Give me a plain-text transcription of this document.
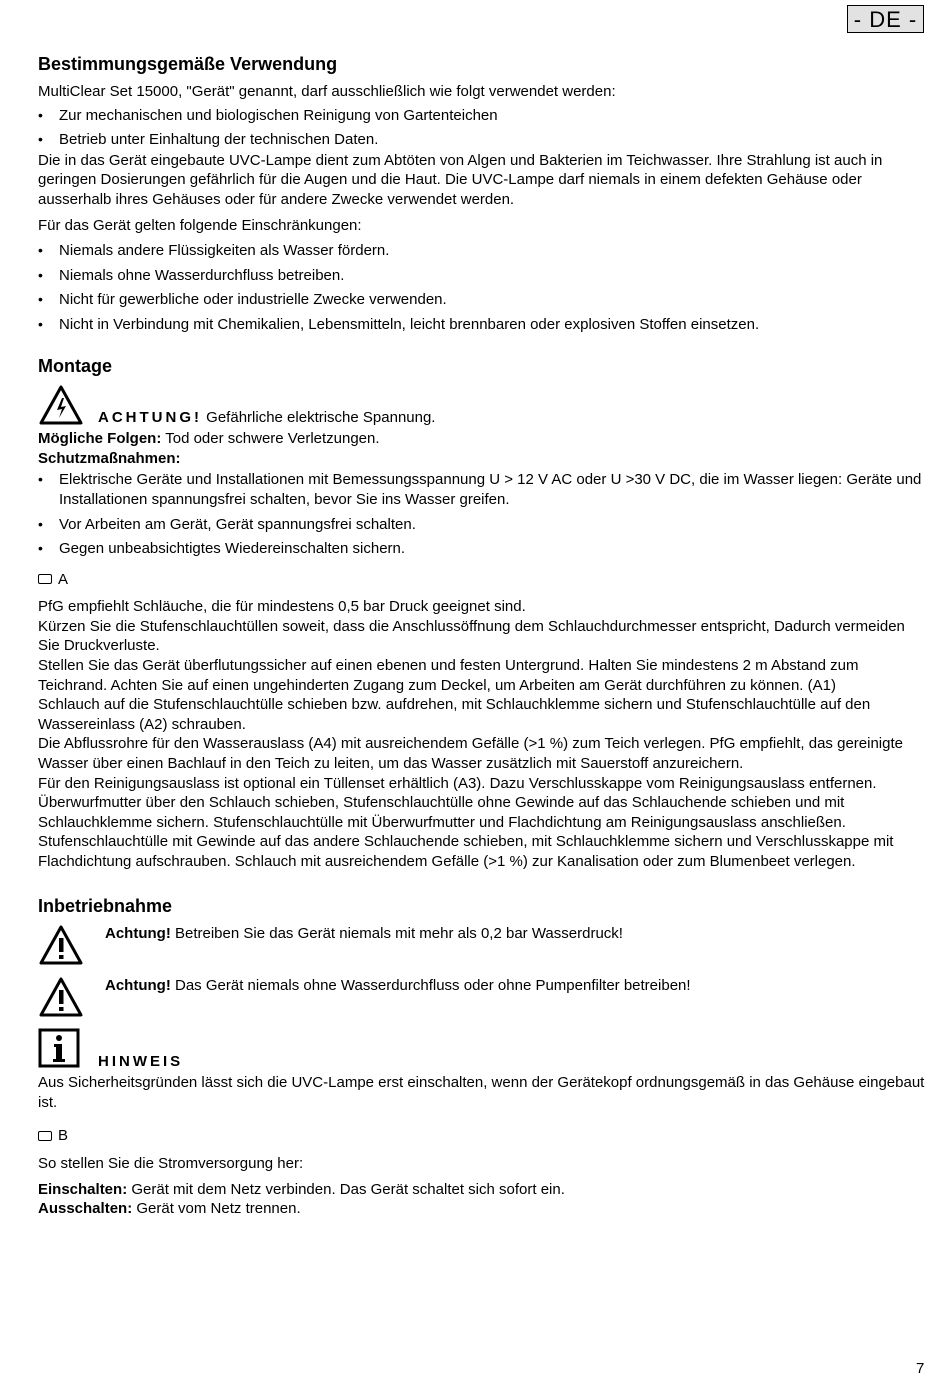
- DE -
Bestimmungsgemäße Verwendung

MultiClear Set 15000, "Gerät" genannt, darf ausschließlich wie folgt verwendet werden:

• Zur mechanischen und biologischen Reinigung von Gartenteichen
• Betrieb unter Einhaltung der technischen Daten.

Die in das Gerät eingebaute UVC-Lampe dient zum Abtöten von Algen und Bakterien im Teichwasser. Ihre Strahlung ist auch in geringen Dosierungen gefährlich für die Augen und die Haut. Die UVC-Lampe darf niemals in einem defekten Gehäuse oder ausserhalb ihres Gehäuses oder für andere Zwecke verwendet werden.

Für das Gerät gelten folgende Einschränkungen:

• Niemals andere Flüssigkeiten als Wasser fördern.
• Niemals ohne Wasserdurchfluss betreiben.
• Nicht für gewerbliche oder industrielle Zwecke verwenden.
• Nicht in Verbindung mit Chemikalien, Lebensmitteln, leicht brennbaren oder explosiven Stoffen einsetzen.
Montage
ACHTUNG! Gefährliche elektrische Spannung.

Mögliche Folgen: Tod oder schwere Verletzungen.

Schutzmaßnahmen:

• Elektrische Geräte und Installationen mit Bemessungsspannung U > 12 V AC oder U >30 V DC, die im Wasser liegen: Geräte und Installationen spannungsfrei schalten, bevor Sie ins Wasser greifen.
• Vor Arbeiten am Gerät, Gerät spannungsfrei schalten.
• Gegen unbeabsichtigtes Wiedereinschalten sichern.
A

PfG empfiehlt Schläuche, die für mindestens 0,5 bar Druck geeignet sind.

Kürzen Sie die Stufenschlauchtüllen soweit, dass die Anschlussöffnung dem Schlauchdurchmesser entspricht, Dadurch vermeiden Sie Druckverluste.

Stellen Sie das Gerät überflutungssicher auf einen ebenen und festen Untergrund. Halten Sie mindestens 2 m Abstand zum Teichrand. Achten Sie auf einen ungehinderten Zugang zum Deckel, um Arbeiten am Gerät durchführen zu können. (A1)

Schlauch auf die Stufenschlauchtülle schieben bzw. aufdrehen, mit Schlauchklemme sichern und Stufenschlauchtülle auf den Wassereinlass (A2) schrauben.

Die Abflussrohre für den Wasserauslass (A4) mit ausreichendem Gefälle (>1 %) zum Teich verlegen. PfG empfiehlt, das gereinigte Wasser über einen Bachlauf in den Teich zu leiten, um das Wasser zusätzlich mit Sauerstoff anzureichern.

Für den Reinigungsauslass ist optional ein Tüllenset erhältlich (A3). Dazu Verschlusskappe vom Reinigungsauslass entfernen. Überwurfmutter über den Schlauch schieben, Stufenschlauchtülle ohne Gewinde auf das Schlauchende schieben und mit Schlauchklemme sichern. Stufenschlauchtülle mit Überwurfmutter und Flachdichtung am Reinigungsauslass anschließen. Stufenschlauchtülle mit Gewinde auf das andere Schlauchende schieben, mit Schlauchklemme sichern und Verschlusskappe mit Flachdichtung aufschrauben. Schlauch mit ausreichendem Gefälle (>1 %) zur Kanalisation oder zum Blumenbeet verlegen.

Inbetriebnahme

Achtung! Betreiben Sie das Gerät niemals mit mehr als 0,2 bar Wasserdruck!

Achtung! Das Gerät niemals ohne Wasserdurchfluss oder ohne Pumpenfilter betreiben!

HINWEIS

Aus Sicherheitsgründen lässt sich die UVC-Lampe erst einschalten, wenn der Gerätekopf ordnungsgemäß in das Gehäuse eingebaut ist.

B

So stellen Sie die Stromversorgung her:

Einschalten: Gerät mit dem Netz verbinden. Das Gerät schaltet sich sofort ein.

Ausschalten: Gerät vom Netz trennen.

7
